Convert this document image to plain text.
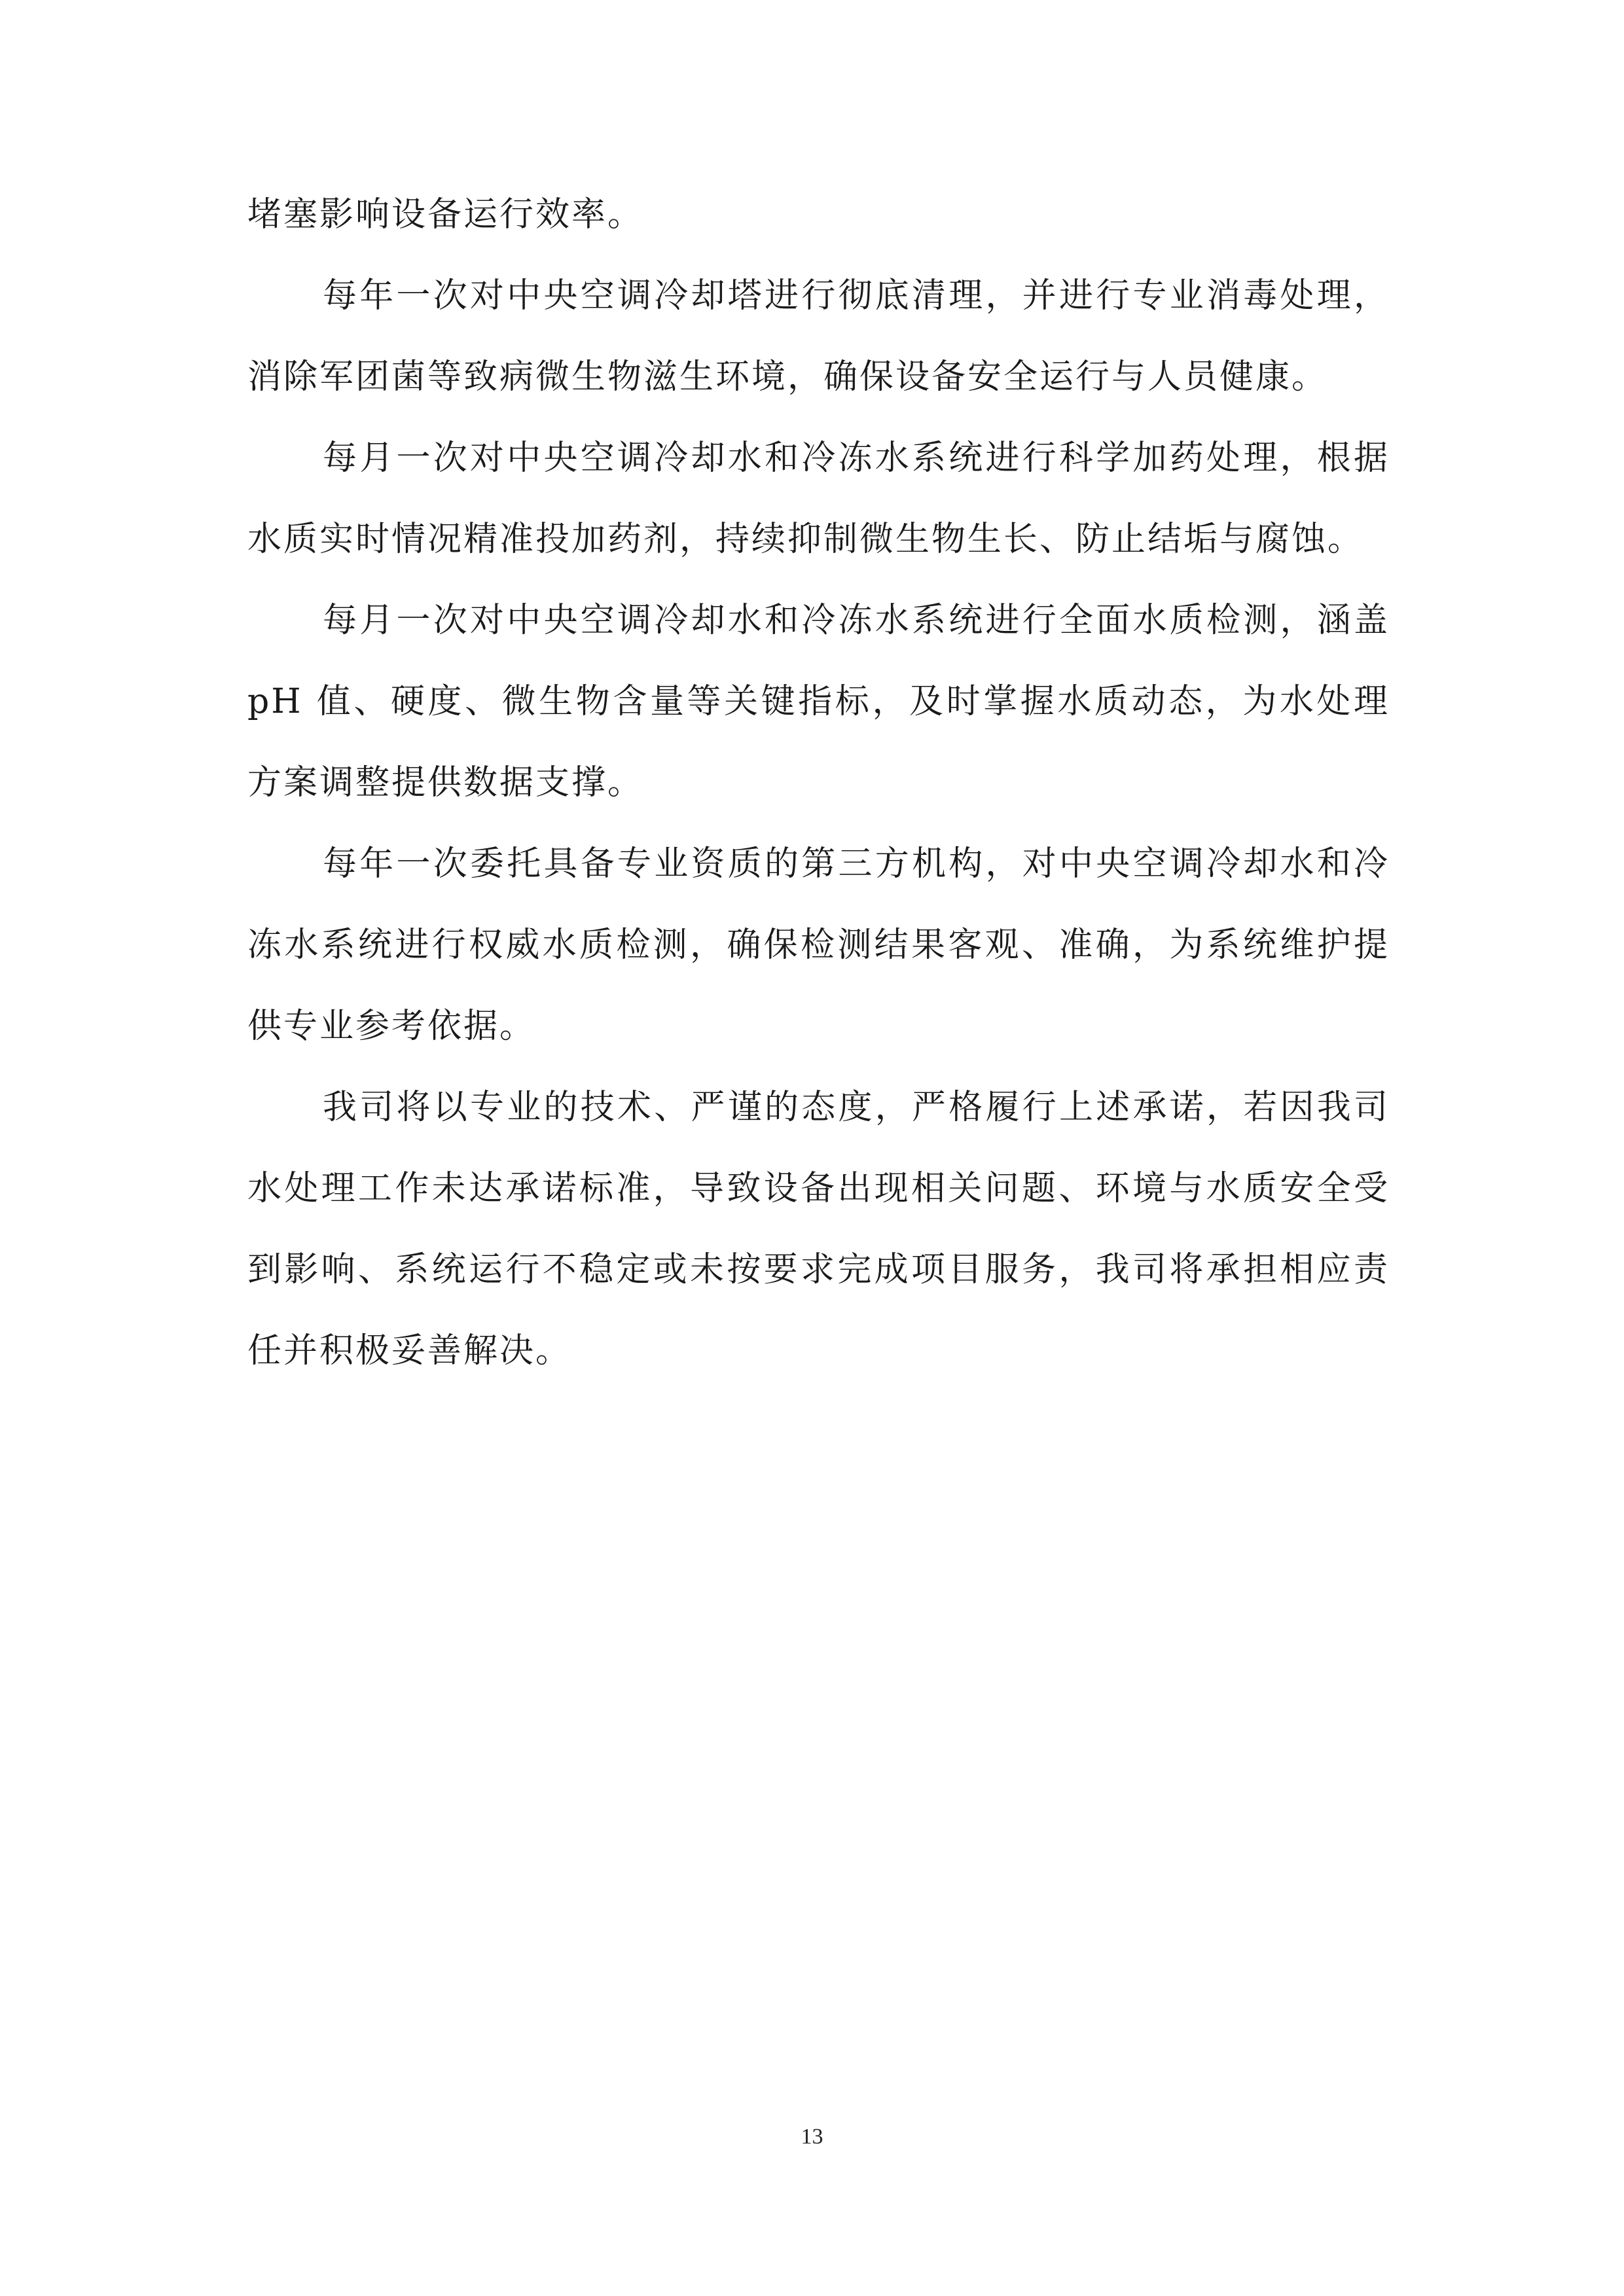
堵塞影响设备运行效率。

每年一次对中央空调冷却塔进行彻底清理，并进行专业消毒处理，消除军团菌等致病微生物滋生环境，确保设备安全运行与人员健康。

每月一次对中央空调冷却水和冷冻水系统进行科学加药处理，根据水质实时情况精准投加药剂，持续抑制微生物生长、防止结垢与腐蚀。

每月一次对中央空调冷却水和冷冻水系统进行全面水质检测，涵盖 pH 值、硬度、微生物含量等关键指标，及时掌握水质动态，为水处理方案调整提供数据支撑。

每年一次委托具备专业资质的第三方机构，对中央空调冷却水和冷冻水系统进行权威水质检测，确保检测结果客观、准确，为系统维护提供专业参考依据。

我司将以专业的技术、严谨的态度，严格履行上述承诺，若因我司水处理工作未达承诺标准，导致设备出现相关问题、环境与水质安全受到影响、系统运行不稳定或未按要求完成项目服务，我司将承担相应责任并积极妥善解决。

13
